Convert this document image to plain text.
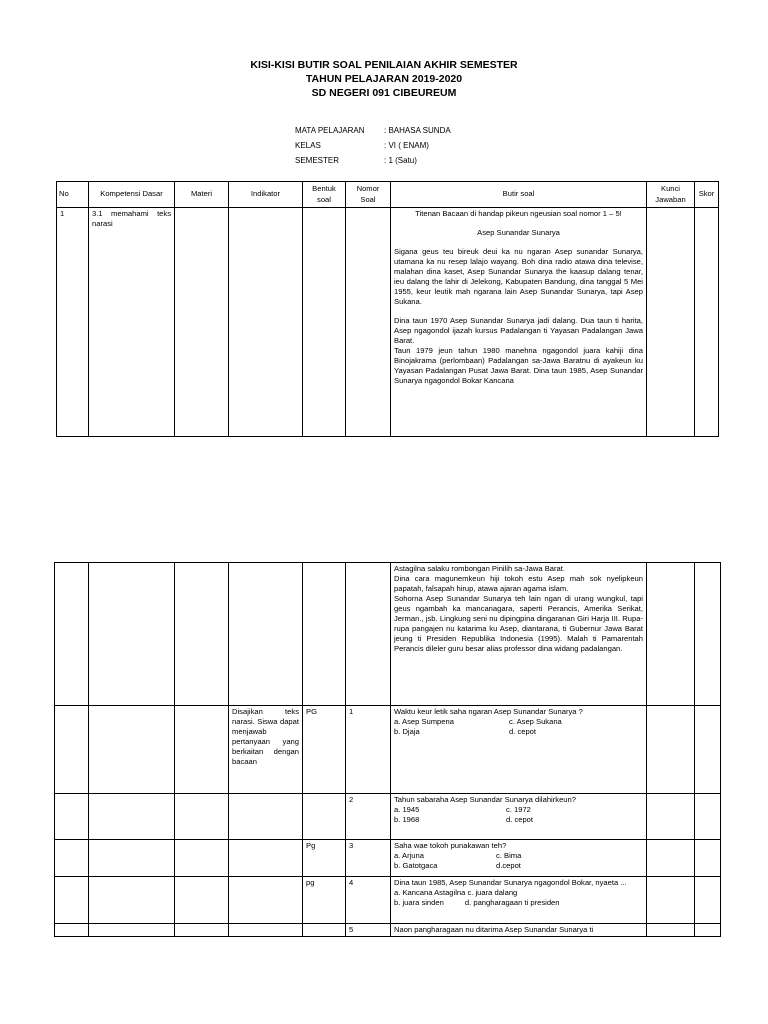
KISI-KISI BUTIR SOAL PENILAIAN AKHIR SEMESTER
TAHUN PELAJARAN 2019-2020
SD NEGERI 091 CIBEUREUM
MATA PELAJARAN	: BAHASA SUNDA
KELAS	: VI ( ENAM)
SEMESTER	: 1 (Satu)
No	Kompetensi Dasar	Materi	Indikator	Bentuk soal	Nomor Soal	Butir soal	Kunci Jawaban	Skor
1	3.1 memahami teks narasi					Titenan Bacaan di handap pikeun ngeusian soal nomor 1 – 5!
Asep Sunandar Sunarya
Sigana geus teu bireuk deui ka nu ngaran Asep sunandar Sunarya, utamana ka nu resep lalajo wayang. Boh dina radio atawa dina televise, malahan dina kaset, Asep Sunandar Sunarya the kaasup dalang tenar, ieu dalang the lahir di Jelekong, Kabupaten Bandung, dina tanggal 5 Mei 1955, keur leutik mah ngarana lain Asep Sunandar Sunarya, tapi Asep Sukana.
Dina taun 1970 Asep Sunandar Sunarya jadi dalang. Dua taun ti harita, Asep ngagondol ijazah kursus Padalangan ti Yayasan Padalangan Jawa Barat.
Taun 1979 jeun tahun 1980 manehna ngagondol juara kahiji dina Binojakrama (perlombaan) Padalangan sa-Jawa Baratnu di ayakeun ku Yayasan Padalangan Pusat Jawa Barat. Dina taun 1985, Asep Sunandar Sunarya ngagondol Bokar Kancana		

						Astagilna salaku rombongan Pinilih sa-Jawa Barat.
Dina cara magunemkeun hiji tokoh estu Asep mah sok nyelipkeun papatah, falsapah hirup, atawa ajaran agama islam.
Sohorna Asep Sunandar Sunarya teh lain ngan di urang wungkul, tapi geus ngambah ka mancanagara, saperti Perancis, Amerika Serikat, Jerman., jsb. Lingkung seni nu dipingpina dingaranan Giri Harja III. Rupa-rupa pangajen nu katarima ku Asep, diantarana, ti Gubernur Jawa Barat jeung ti Presiden Republika Indonesia (1995). Malah ti Pamarentah Perancis dileler guru besar alias professor dina widang padalangan.		

			Disajikan teks narasi. Siswa dapat menjawab pertanyaan yang berkaitan dengan bacaan	PG	1	Waktu keur letik saha ngaran Asep Sunandar Sunarya ?
a. Asep Sumpena c. Asep Sukana
b. Djaja d. cepot		

					2	Tahun sabaraha Asep Sunandar Sunarya dilahirkeun?
a. 1945 c. 1972
b. 1968 d. cepot		

				Pg	3	Saha wae tokoh punakawan teh?
a. Arjuna c. Bima
b. Gatotgaca d.cepot		

				pg	4	Dina taun 1985, Asep Sunandar Sunarya ngagondol Bokar, nyaeta ...
a. Kancana Astagilna c. juara dalang
b. juara sinden          d. pangharagaan ti presiden		

					5	Naon pangharagaan nu ditarima Asep Sunandar Sunarya ti		
